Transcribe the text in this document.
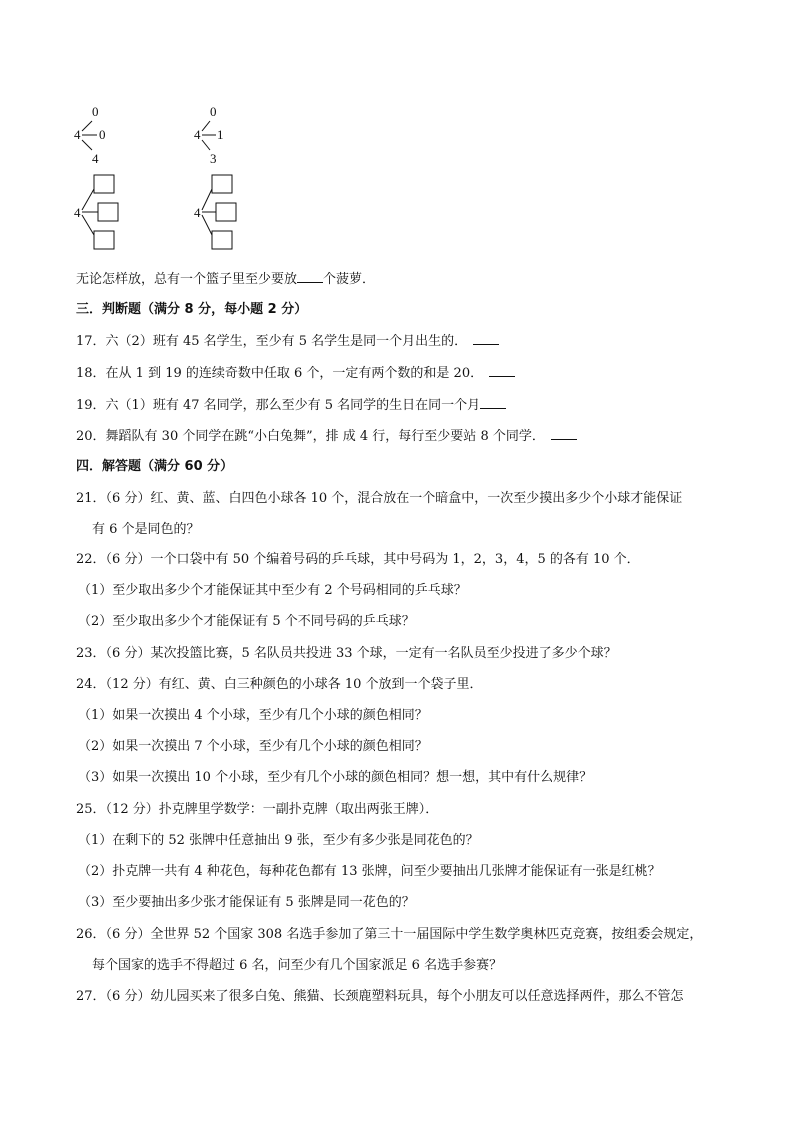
0
4 0
4
0
4 1
3
4	4
无论怎样放，总有一个篮子里至少要放 个菠萝．
三．判断题（满分 8 分，每小题 2 分）
17．六（2）班有 45 名学生，至少有 5 名学生是同一个月出生的．
18．在从 1 到 19 的连续奇数中任取 6 个，一定有两个数的和是 20．
19．六（1）班有 47 名同学，那么至少有 5 名同学的生日在同一个月
20．舞蹈队有 30 个同学在跳“小白兔舞”，排 成 4 行，每行至少要站 8 个同学．
四．解答题（满分 60 分）
21．（6 分）红、黄、蓝、白四色小球各 10 个，混合放在一个暗盒中，一次至少摸出多少个小球才能保证
有 6 个是同色的？
22．（6 分）一个口袋中有 50 个编着号码的乒乓球，其中号码为 1，2，3，4，5 的各有 10 个．
（1）至少取出多少个才能保证其中至少有 2 个号码相同的乒乓球？
（2）至少取出多少个才能保证有 5 个不同号码的乒乓球？
23．（6 分）某次投篮比赛，5 名队员共投进 33 个球，一定有一名队员至少投进了多少个球？
24．（12 分）有红、黄、白三种颜色的小球各 10 个放到一个袋子里．
（1）如果一次摸出 4 个小球，至少有几个小球的颜色相同？
（2）如果一次摸出 7 个小球，至少有几个小球的颜色相同？
（3）如果一次摸出 10 个小球，至少有几个小球的颜色相同？想一想，其中有什么规律？
25．（12 分）扑克牌里学数学：一副扑克牌（取出两张王牌）．
（1）在剩下的 52 张牌中任意抽出 9 张，至少有多少张是同花色的？
（2）扑克牌一共有 4 种花色，每种花色都有 13 张牌，问至少要抽出几张牌才能保证有一张是红桃？
（3）至少要抽出多少张才能保证有 5 张牌是同一花色的？
26．（6 分）全世界 52 个国家 308 名选手参加了第三十一届国际中学生数学奥林匹克竞赛，按组委会规定，
每个国家的选手不得超过 6 名，问至少有几个国家派足 6 名选手参赛？
27．（6 分）幼儿园买来了很多白兔、熊猫、长颈鹿塑料玩具，每个小朋友可以任意选择两件，那么不管怎
